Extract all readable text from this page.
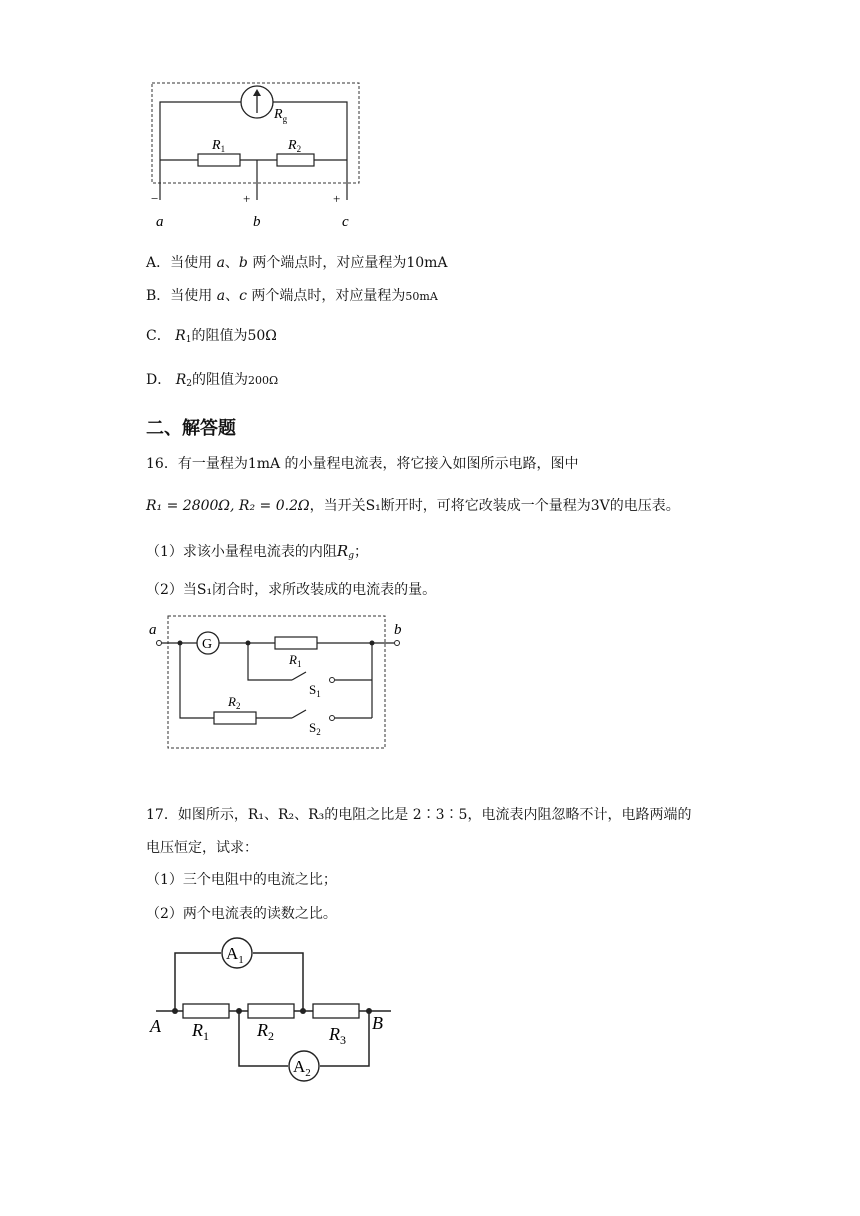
$R_g$
$R_1$	$R_2$
−	+	+
a	b	c
A．当使用 a、b 两个端点时，对应量程为10mA
B．当使用 a、c 两个端点时，对应量程为50mA
C． $R_1$的阻值为50Ω
D． $R_2$的阻值为200Ω
二、解答题
16．有一量程为1mA 的小量程电流表，将它接入如图所示电路，图中
R₁ = 2800Ω, R₂ = 0.2Ω，当开关S₁断开时，可将它改装成一个量程为3V的电压表。
（1）求该小量程电流表的内阻$R_g$；
（2）当S₁闭合时，求所改装成的电流表的量。
a	b
G
$R_1$
$S_1$
$R_2$
$S_2$
17．如图所示，R₁、R₂、R₃的电阻之比是 2∶3∶5，电流表内阻忽略不计，电路两端的
电压恒定，试求：
（1）三个电阻中的电流之比；
（2）两个电流表的读数之比。
$A_1$
$A_2$
A	B
$R_1$	$R_2$	$R_3$
